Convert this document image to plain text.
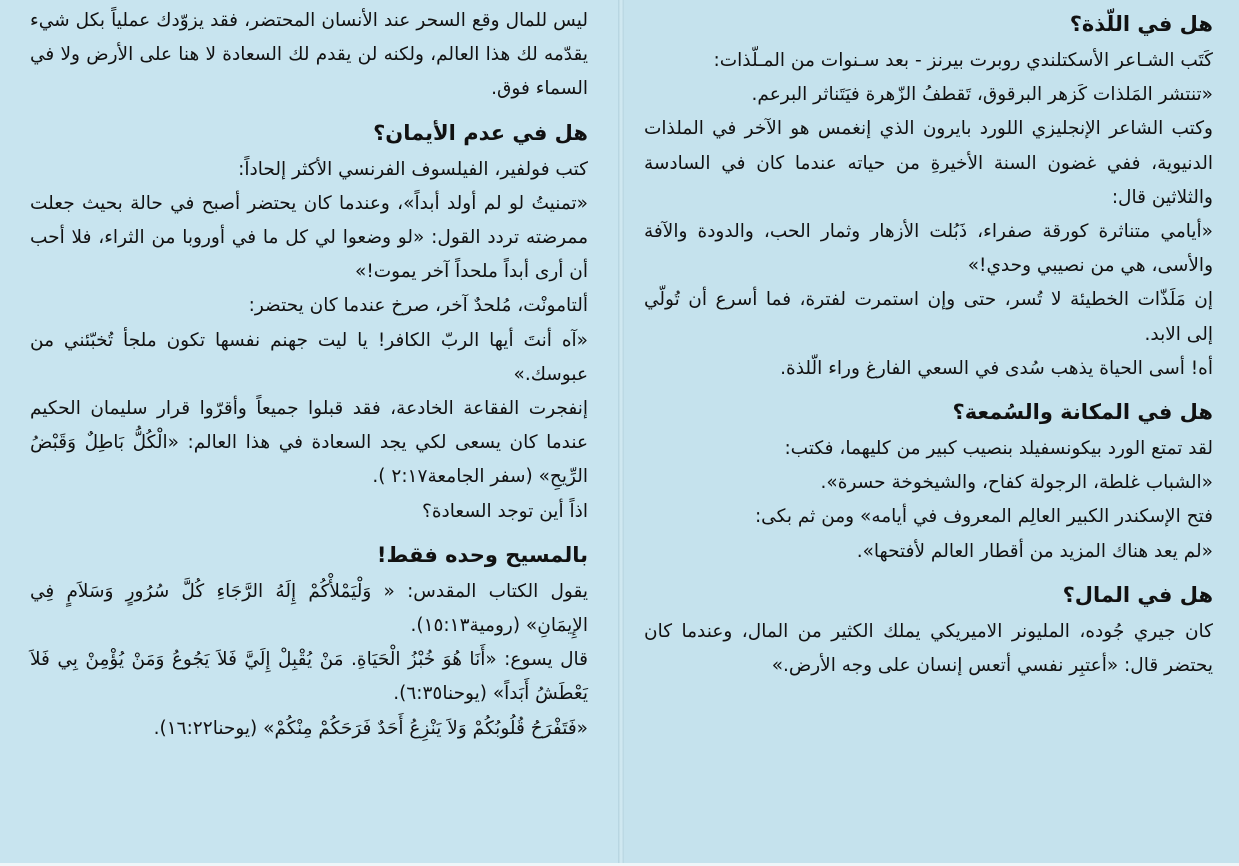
ليس للمال وقع السحر عند الأنسان المحتضر، فقد يزوّدك عملياً بكل شيء يقدّمه لك هذا العالم، ولكنه لن يقدم لك السعادة لا هنا على الأرض ولا في السماء فوق.

هل في عدم الأيمان؟

كتب فولفير، الفيلسوف الفرنسي الأكثر إلحاداً:

«تمنيتُ لو لم أولد أبداً»، وعندما كان يحتضر أصبح في حالة بحيث جعلت ممرضته تردد القول: «لو وضعوا لي كل ما في أوروبا من الثراء، فلا أحب أن أرى أبداً ملحداً آخر يموت!»

ألتامونْت، مُلحدٌ آخر، صرخ عندما كان يحتضر:

«آه أنتَ أيها الربّ الكافر! يا ليت جهنم نفسها تكون ملجأ تُخبّئني من عبوسك.»

إنفجرت الفقاعة الخادعة، فقد قبلوا جميعاً وأقرّوا قرار سليمان الحكيم عندما كان يسعى لكي يجد السعادة في هذا العالم: «الْكُلُّ بَاطِلٌ وَقَبْضُ الرِّيحِ» (سفر الجامعة٢:١٧ ).

اذاً أين توجد السعادة؟

بالمسيح وحده فقط!

يقول الكتاب المقدس: « وَلْيَمْلأْكُمْ إِلَهُ الرَّجَاءِ كُلَّ سُرُورٍ وَسَلاَمٍ فِي الإِيمَانِ» (رومية١٥:١٣).

قال يسوع: «أَنَا هُوَ خُبْزُ الْحَيَاةِ. مَنْ يُقْبِلْ إِلَيَّ فَلاَ يَجُوعُ وَمَنْ يُؤْمِنْ بِي فَلاَ يَعْطَشُ أَبَداً» (يوحنا٦:٣٥).

«فَتَفْرَحُ قُلُوبُكُمْ وَلاَ يَنْزِعُ أَحَدٌ فَرَحَكُمْ مِنْكُمْ» (يوحنا١٦:٢٢).

هل في اللّذة؟

كَتَب الشـاعر الأسكتلندي روبرت بيرنز - بعد سـنوات من المـلّذات:

«تنتشر المَلذات كَزهر البرقوق، تَقطفُ الزّهرة فيَتَناثر البرعم.

وكتب الشاعر الإنجليزي اللورد بايرون الذي إنغمس هو الآخر في الملذات الدنيوية، ففي غضون السنة الأخيرةِ من حياته عندما كان في السادسة والثلاثين قال:

«أيامي متناثرة كورقة صفراء، ذَبُلت الأزهار وثمار الحب، والدودة والآفة والأسى، هي من نصيبي وحدي!»

إن مَلَذّات الخطيئة لا تُسر، حتى وإن استمرت لفترة، فما أسرع أن تُولّي إلى الابد.

أه! أسى الحياة يذهب سُدى في السعي الفارغ وراء الّلذة.

هل في المكانة والسُمعة؟

لقد تمتع الورد بيكونسفيلد بنصيب كبير من كليهما، فكتب:

«الشباب غلطة، الرجولة كفاح، والشيخوخة حسرة».

فتح الإسكندر الكبير العالِم المعروف في أيامه» ومن ثم بكى:

«لم يعد هناك المزيد من أقطار العالم لأفتحها».

هل في المال؟

كان جيري جُوده، المليونر الاميريكي يملك الكثير من المال، وعندما كان يحتضر قال: «أعتبِر نفسي أتعس إنسان على وجه الأرض.»
